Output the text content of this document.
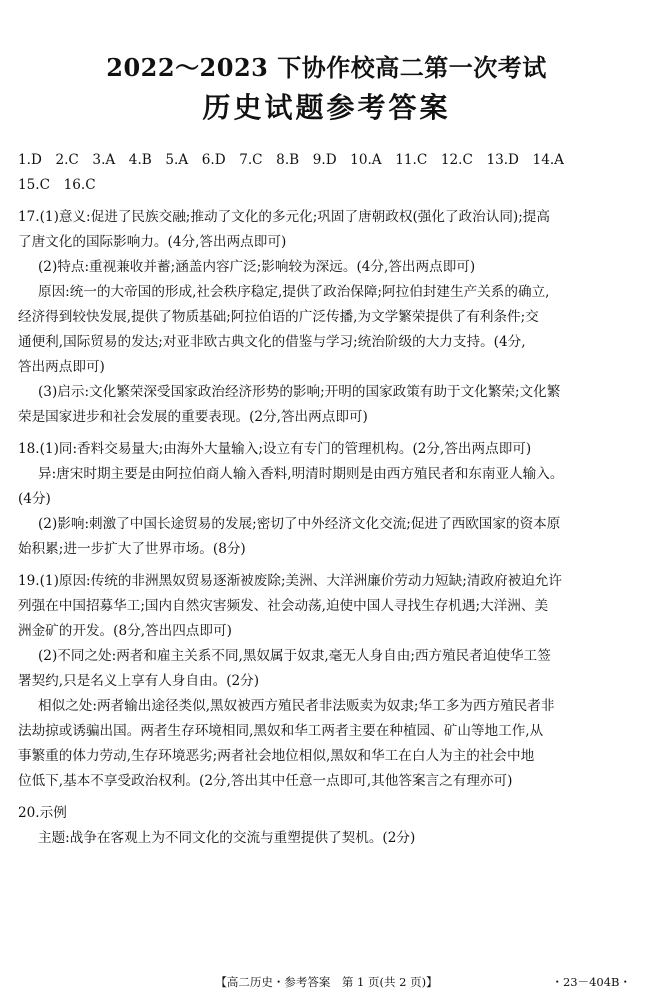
2022～2023 下协作校高二第一次考试
历史试题参考答案
1.D　2.C　3.A　4.B　5.A　6.D　7.C　8.B　9.D　10.A　11.C　12.C　13.D　14.A
15.C　16.C
17.(1)意义:促进了民族交融;推动了文化的多元化;巩固了唐朝政权(强化了政治认同);提高
了唐文化的国际影响力。(4分,答出两点即可)
(2)特点:重视兼收并蓄;涵盖内容广泛;影响较为深远。(4分,答出两点即可)
原因:统一的大帝国的形成,社会秩序稳定,提供了政治保障;阿拉伯封建生产关系的确立,
经济得到较快发展,提供了物质基础;阿拉伯语的广泛传播,为文学繁荣提供了有利条件;交
通便利,国际贸易的发达;对亚非欧古典文化的借鉴与学习;统治阶级的大力支持。(4分,
答出两点即可)
(3)启示:文化繁荣深受国家政治经济形势的影响;开明的国家政策有助于文化繁荣;文化繁
荣是国家进步和社会发展的重要表现。(2分,答出两点即可)
18.(1)同:香料交易量大;由海外大量输入;设立有专门的管理机构。(2分,答出两点即可)
异:唐宋时期主要是由阿拉伯商人输入香料,明清时期则是由西方殖民者和东南亚人输入。
(4分)
(2)影响:刺激了中国长途贸易的发展;密切了中外经济文化交流;促进了西欧国家的资本原
始积累;进一步扩大了世界市场。(8分)
19.(1)原因:传统的非洲黑奴贸易逐渐被废除;美洲、大洋洲廉价劳动力短缺;清政府被迫允许
列强在中国招募华工;国内自然灾害频发、社会动荡,迫使中国人寻找生存机遇;大洋洲、美
洲金矿的开发。(8分,答出四点即可)
(2)不同之处:两者和雇主关系不同,黑奴属于奴隶,毫无人身自由;西方殖民者迫使华工签
署契约,只是名义上享有人身自由。(2分)
相似之处:两者输出途径类似,黑奴被西方殖民者非法贩卖为奴隶;华工多为西方殖民者非
法劫掠或诱骗出国。两者生存环境相同,黑奴和华工两者主要在种植园、矿山等地工作,从
事繁重的体力劳动,生存环境恶劣;两者社会地位相似,黑奴和华工在白人为主的社会中地
位低下,基本不享受政治权利。(2分,答出其中任意一点即可,其他答案言之有理亦可)
20.示例
主题:战争在客观上为不同文化的交流与重塑提供了契机。(2分)
【高二历史・参考答案　第 1 页(共 2 页)】	・23－404B・
